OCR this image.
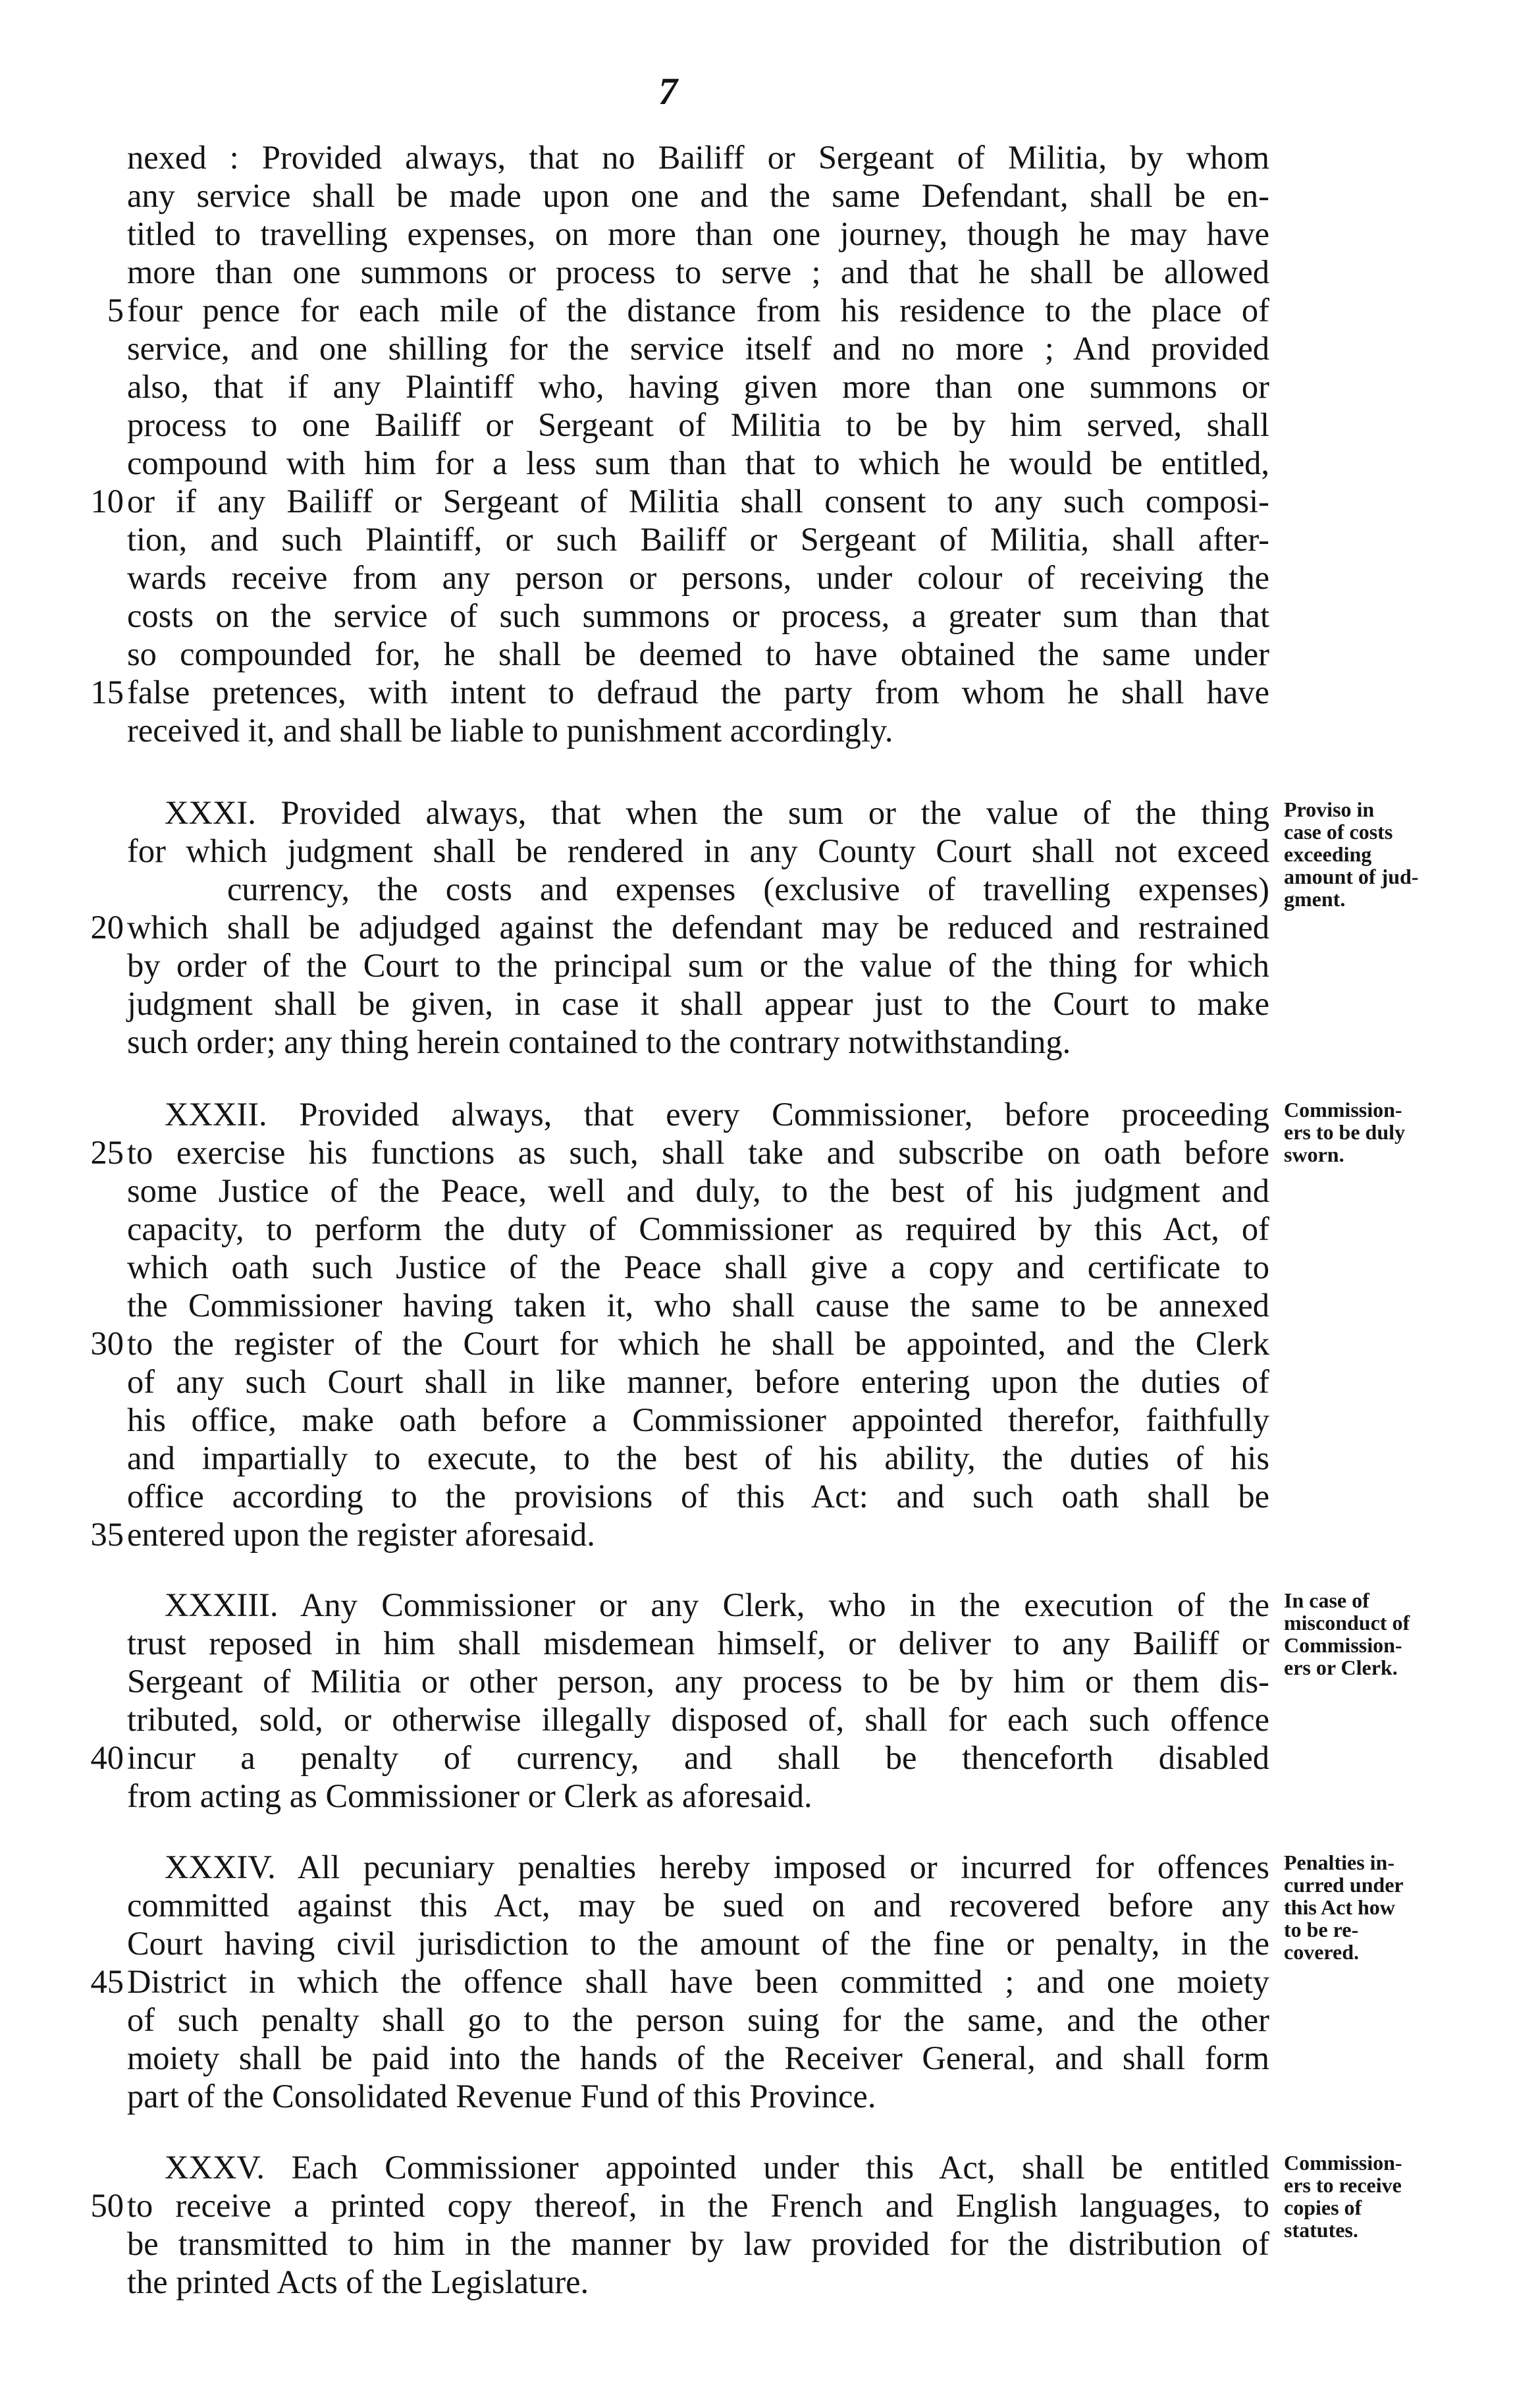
7
nexed : Provided always, that no Bailiff or Sergeant of Militia, by whom
any service shall be made upon one and the same Defendant, shall be en-
titled to travelling expenses, on more than one journey, though he may have
more than one summons or process to serve ; and that he shall be allowed
four pence for each mile of the distance from his residence to the place of
5
service, and one shilling for the service itself and no more ; And provided
also, that if any Plaintiff who, having given more than one summons or
process to one Bailiff or Sergeant of Militia to be by him served, shall
compound with him for a less sum than that to which he would be entitled,
or if any Bailiff or Sergeant of Militia shall consent to any such composi-
10
tion, and such Plaintiff, or such Bailiff or Sergeant of Militia, shall after-
wards receive from any person or persons, under colour of receiving the
costs on the service of such summons or process, a greater sum than that
so compounded for, he shall be deemed to have obtained the same under
false pretences, with intent to defraud the party from whom he shall have
15
received it, and shall be liable to punishment accordingly.
XXXI. Provided always, that when the sum or the value of the thing
for which judgment shall be rendered in any County Court shall not exceed
currency, the costs and expenses (exclusive of travelling expenses)
which shall be adjudged against the defendant may be reduced and restrained
20
by order of the Court to the principal sum or the value of the thing for which
judgment shall be given, in case it shall appear just to the Court to make
such order; any thing herein contained to the contrary notwithstanding.
XXXII. Provided always, that every Commissioner, before proceeding
to exercise his functions as such, shall take and subscribe on oath before
25
some Justice of the Peace, well and duly, to the best of his judgment and
capacity, to perform the duty of Commissioner as required by this Act, of
which oath such Justice of the Peace shall give a copy and certificate to
the Commissioner having taken it, who shall cause the same to be annexed
to the register of the Court for which he shall be appointed, and the Clerk
30
of any such Court shall in like manner, before entering upon the duties of
his office, make oath before a Commissioner appointed therefor, faithfully
and impartially to execute, to the best of his ability, the duties of his
office according to the provisions of this Act: and such oath shall be
entered upon the register aforesaid.
35
XXXIII. Any Commissioner or any Clerk, who in the execution of the
trust reposed in him shall misdemean himself, or deliver to any Bailiff or
Sergeant of Militia or other person, any process to be by him or them dis-
tributed, sold, or otherwise illegally disposed of, shall for each such offence
incur a penalty of currency, and shall be thenceforth disabled
40
from acting as Commissioner or Clerk as aforesaid.
XXXIV. All pecuniary penalties hereby imposed or incurred for offences
committed against this Act, may be sued on and recovered before any
Court having civil jurisdiction to the amount of the fine or penalty, in the
District in which the offence shall have been committed ; and one moiety
45
of such penalty shall go to the person suing for the same, and the other
moiety shall be paid into the hands of the Receiver General, and shall form
part of the Consolidated Revenue Fund of this Province.
XXXV. Each Commissioner appointed under this Act, shall be entitled
to receive a printed copy thereof, in the French and English languages, to
50
be transmitted to him in the manner by law provided for the distribution of
the printed Acts of the Legislature.
Proviso in
case of costs
exceeding
amount of jud-
gment.
Commission-
ers to be duly
sworn.
In case of
misconduct of
Commission-
ers or Clerk.
Penalties in-
curred under
this Act how
to be re-
covered.
Commission-
ers to receive
copies of
statutes.
